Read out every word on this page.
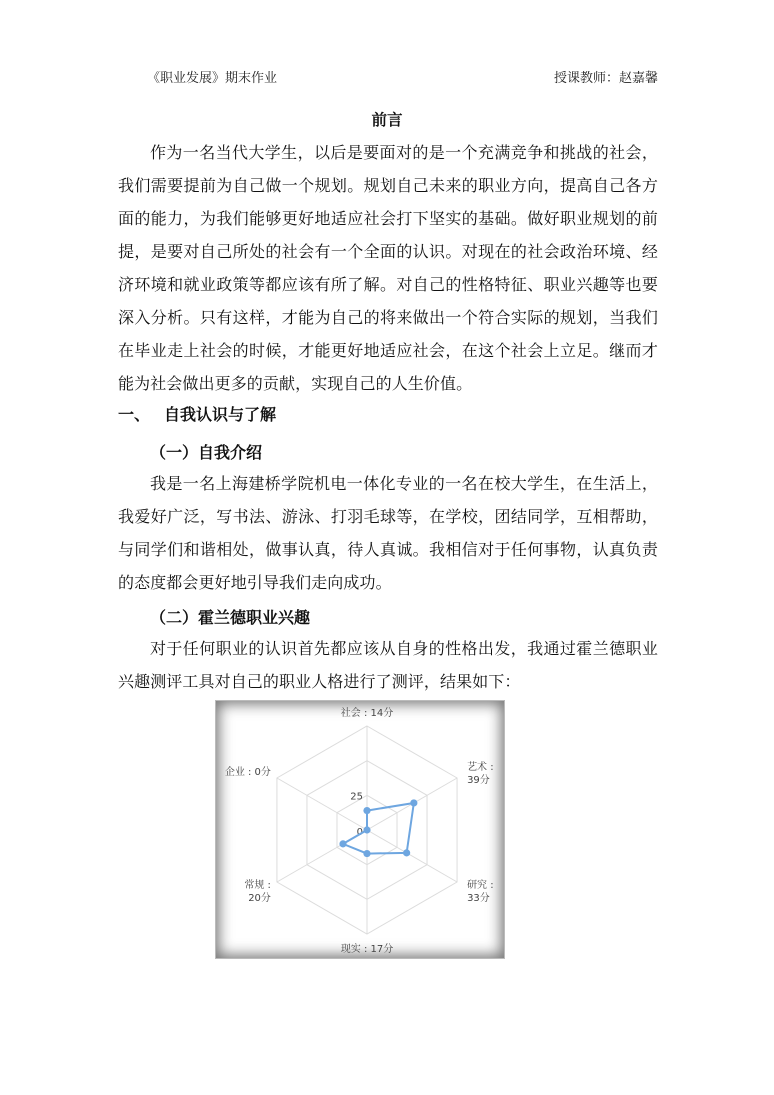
《职业发展》期末作业	授课教师：赵嘉馨
前言

作为一名当代大学生，以后是要面对的是一个充满竞争和挑战的社会，我们需要提前为自己做一个规划。规划自己未来的职业方向，提高自己各方面的能力，为我们能够更好地适应社会打下坚实的基础。做好职业规划的前提，是要对自己所处的社会有一个全面的认识。对现在的社会政治环境、经济环境和就业政策等都应该有所了解。对自己的性格特征、职业兴趣等也要深入分析。只有这样，才能为自己的将来做出一个符合实际的规划，当我们在毕业走上社会的时候，才能更好地适应社会，在这个社会上立足。继而才能为社会做出更多的贡献，实现自己的人生价值。

一、 自我认识与了解
（一）自我介绍

我是一名上海建桥学院机电一体化专业的一名在校大学生，在生活上，我爱好广泛，写书法、游泳、打羽毛球等，在学校，团结同学，互相帮助，与同学们和谐相处，做事认真，待人真诚。我相信对于任何事物，认真负责的态度都会更好地引导我们走向成功。

（二）霍兰德职业兴趣

对于任何职业的认识首先都应该从自身的性格出发，我通过霍兰德职业兴趣测评工具对自己的职业人格进行了测评，结果如下：

0
25
社会 : 14分
艺术 :
39分
研究 :
33分
现实 : 17分
常规 :
20分
企业 : 0分
